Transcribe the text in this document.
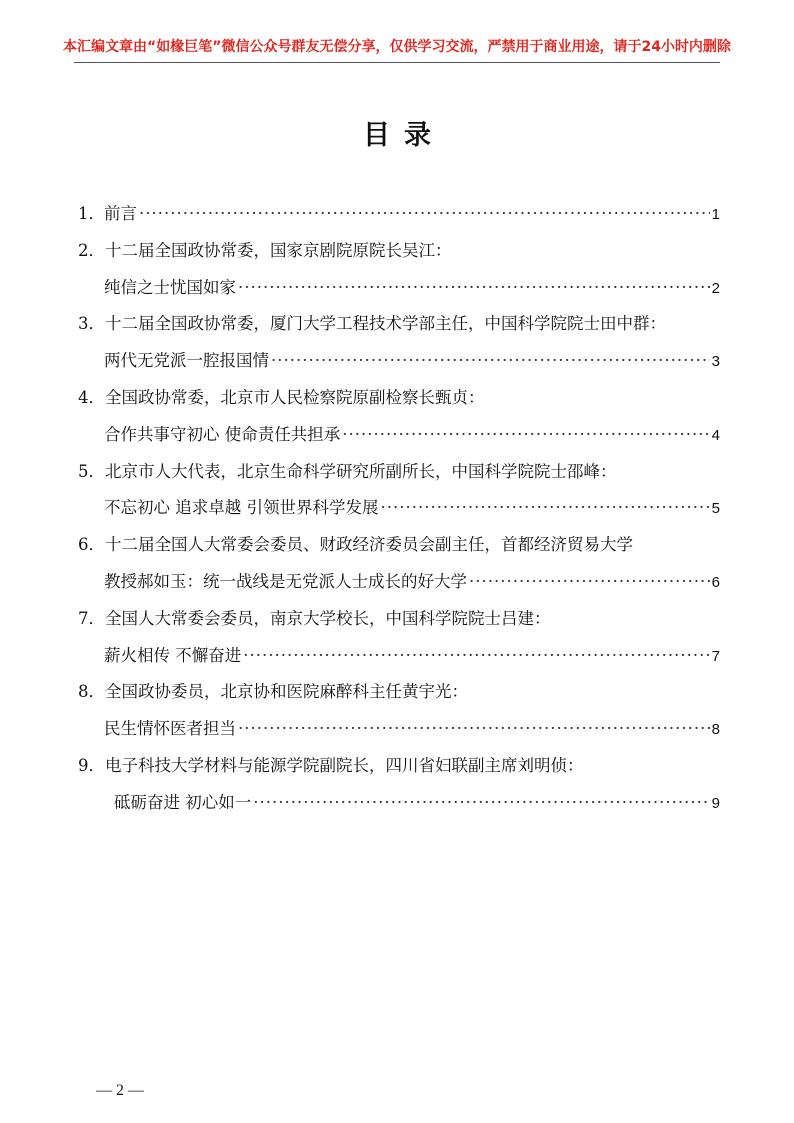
本汇编文章由“如椽巨笔”微信公众号群友无偿分享，仅供学习交流，严禁用于商业用途，请于24小时内删除
目录
1． 前言 ·····	1
2． 十二届全国政协常委，国家京剧院原院长吴江：
纯信之士忧国如家 ·····	2
3． 十二届全国政协常委，厦门大学工程技术学部主任，中国科学院院士田中群：
两代无党派一腔报国情 ·····	3
4． 全国政协常委，北京市人民检察院原副检察长甄贞：
合作共事守初心 使命责任共担承 ·····	4
5． 北京市人大代表，北京生命科学研究所副所长，中国科学院院士邵峰：
不忘初心 追求卓越 引领世界科学发展 ·····	5
6． 十二届全国人大常委会委员、财政经济委员会副主任，首都经济贸易大学
教授郝如玉：统一战线是无党派人士成长的好大学 ·····	6
7． 全国人大常委会委员，南京大学校长，中国科学院院士吕建：
薪火相传 不懈奋进 ·····	7
8． 全国政协委员，北京协和医院麻醉科主任黄宇光：
民生情怀医者担当 ·····	8
9． 电子科技大学材料与能源学院副院长，四川省妇联副主席刘明侦：
砥砺奋进 初心如一 ·····	9
— 2 —
